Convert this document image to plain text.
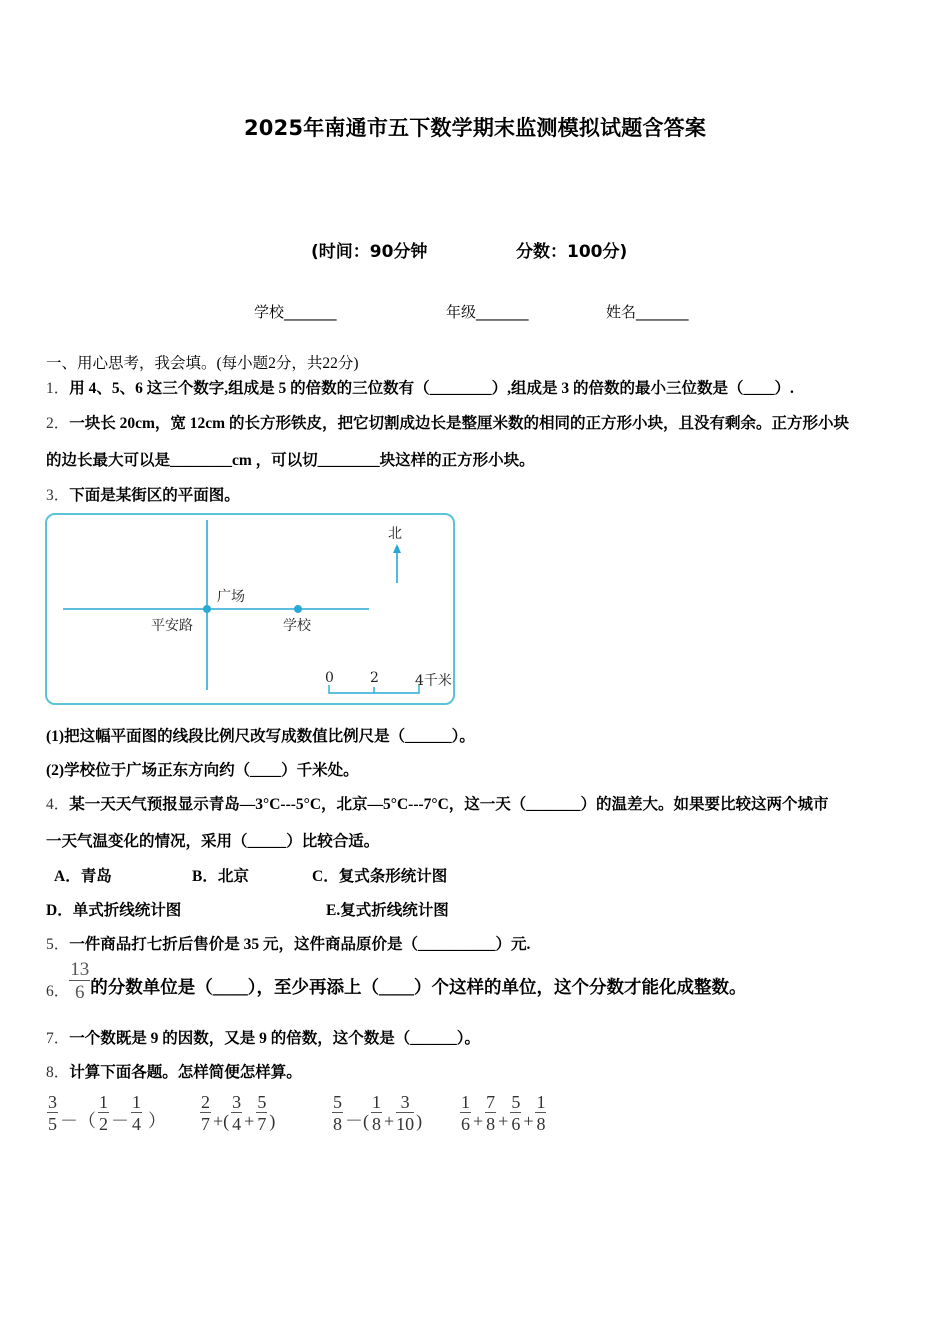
2025年南通市五下数学期末监测模拟试题含答案
(时间：90分钟	分数：100分)
学校_______	年级_______	姓名_______
一、用心思考，我会填。(每小题2分，共22分)
1．用 4、5、6 这三个数字,组成是 5 的倍数的三位数有（________）,组成是 3 的倍数的最小三位数是（____）.
2．一块长 20cm，宽 12cm 的长方形铁皮，把它切割成边长是整厘米数的相同的正方形小块，且没有剩余。正方形小块
的边长最大可以是________cm ，可以切________块这样的正方形小块。
3．下面是某街区的平面图。
北
广场
平安路	学校
0	2	4千米
(1)把这幅平面图的线段比例尺改写成数值比例尺是（______）。
(2)学校位于广场正东方向约（____）千米处。
4．某一天天气预报显示青岛—3°C---5°C，北京—5°C---7°C，这一天（_______）的温差大。如果要比较这两个城市
一天气温变化的情况，采用（_____）比较合适。
A．青岛	B．北京	C．复式条形统计图
D．单式折线统计图	E.复式折线统计图
5．一件商品打七折后售价是 35 元，这件商品原价是（__________）元.
6． $\frac{13}{6}$ 的分数单位是（____），至少再添上（____）个这样的单位，这个分数才能化成整数。
7．一个数既是 9 的因数，又是 9 的倍数，这个数是（______）。
8．计算下面各题。怎样简便怎样算。
$\frac{3}{5}$ －（ $\frac{1}{2} - \frac{1}{4}$ ） $\frac{2}{7}$ +( $\frac{3}{4} + \frac{5}{7}$ )	$\frac{5}{8}$ －( $\frac{1}{8} + \frac{3}{10}$ ) $\frac{1}{6} + \frac{7}{8} + \frac{5}{6} + \frac{1}{8}$
